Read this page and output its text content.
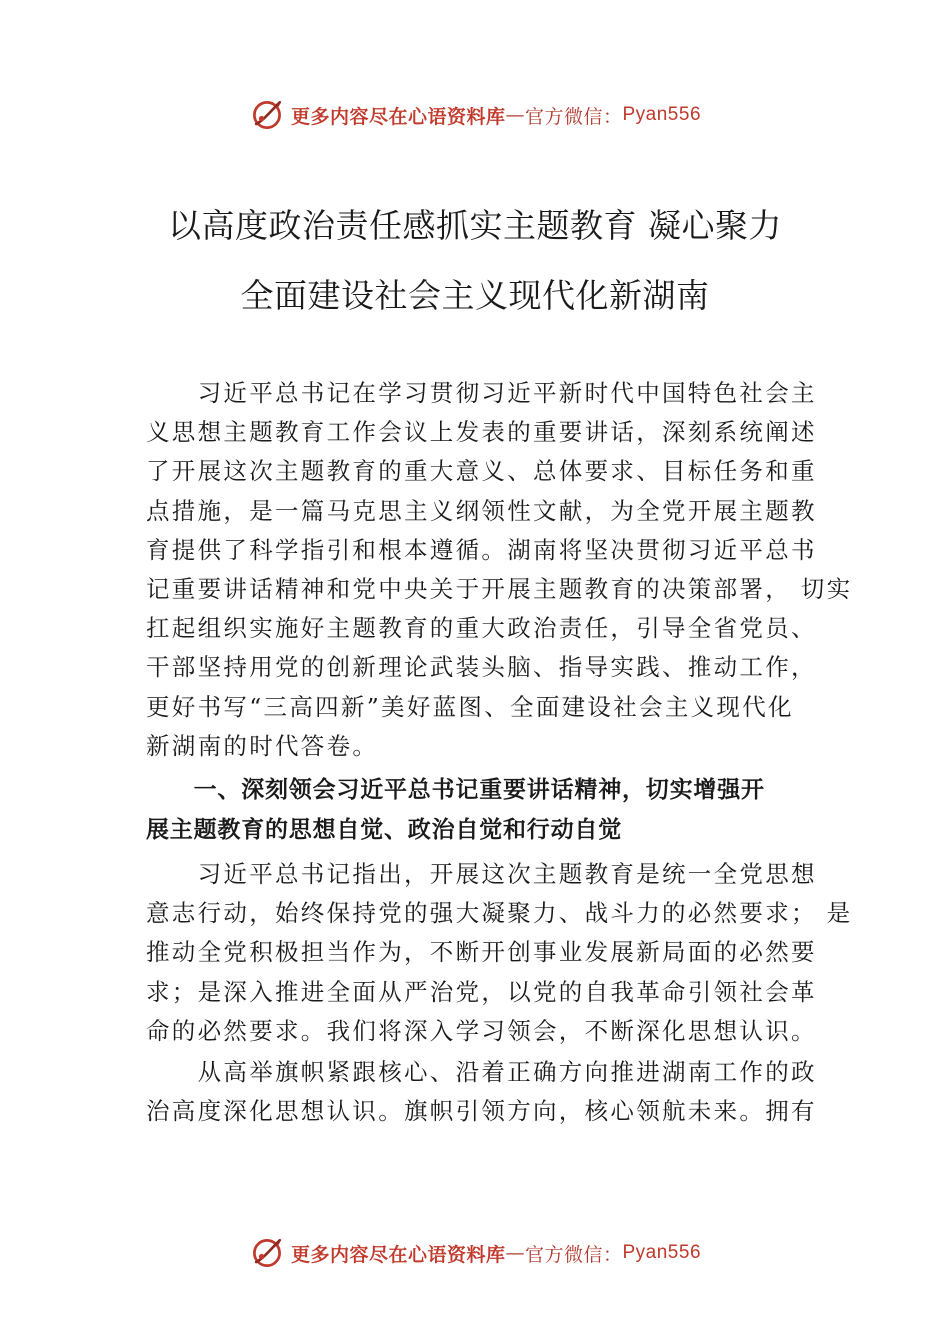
更多内容尽在心语资料库 — 官方微信： Pyan556
以高度政治责任感抓实主题教育 凝心聚力
全面建设社会主义现代化新湖南
　　习近平总书记在学习贯彻习近平新时代中国特色社会主
义思想主题教育工作会议上发表的重要讲话，深刻系统阐述
了开展这次主题教育的重大意义、总体要求、目标任务和重
点措施，是一篇马克思主义纲领性文献，为全党开展主题教
育提供了科学指引和根本遵循。湖南将坚决贯彻习近平总书
记重要讲话精神和党中央关于开展主题教育的决策部署， 切实
扛起组织实施好主题教育的重大政治责任，引导全省党员、
干部坚持用党的创新理论武装头脑、指导实践、推动工作，
更好书写“三高四新”美好蓝图、全面建设社会主义现代化
新湖南的时代答卷。
　　一、深刻领会习近平总书记重要讲话精神，切实增强开
展主题教育的思想自觉、政治自觉和行动自觉
　　习近平总书记指出，开展这次主题教育是统一全党思想
意志行动，始终保持党的强大凝聚力、战斗力的必然要求； 是
推动全党积极担当作为，不断开创事业发展新局面的必然要
求；是深入推进全面从严治党，以党的自我革命引领社会革
命的必然要求。我们将深入学习领会，不断深化思想认识。
　　从高举旗帜紧跟核心、沿着正确方向推进湖南工作的政
治高度深化思想认识。旗帜引领方向，核心领航未来。拥有
更多内容尽在心语资料库 — 官方微信： Pyan556
